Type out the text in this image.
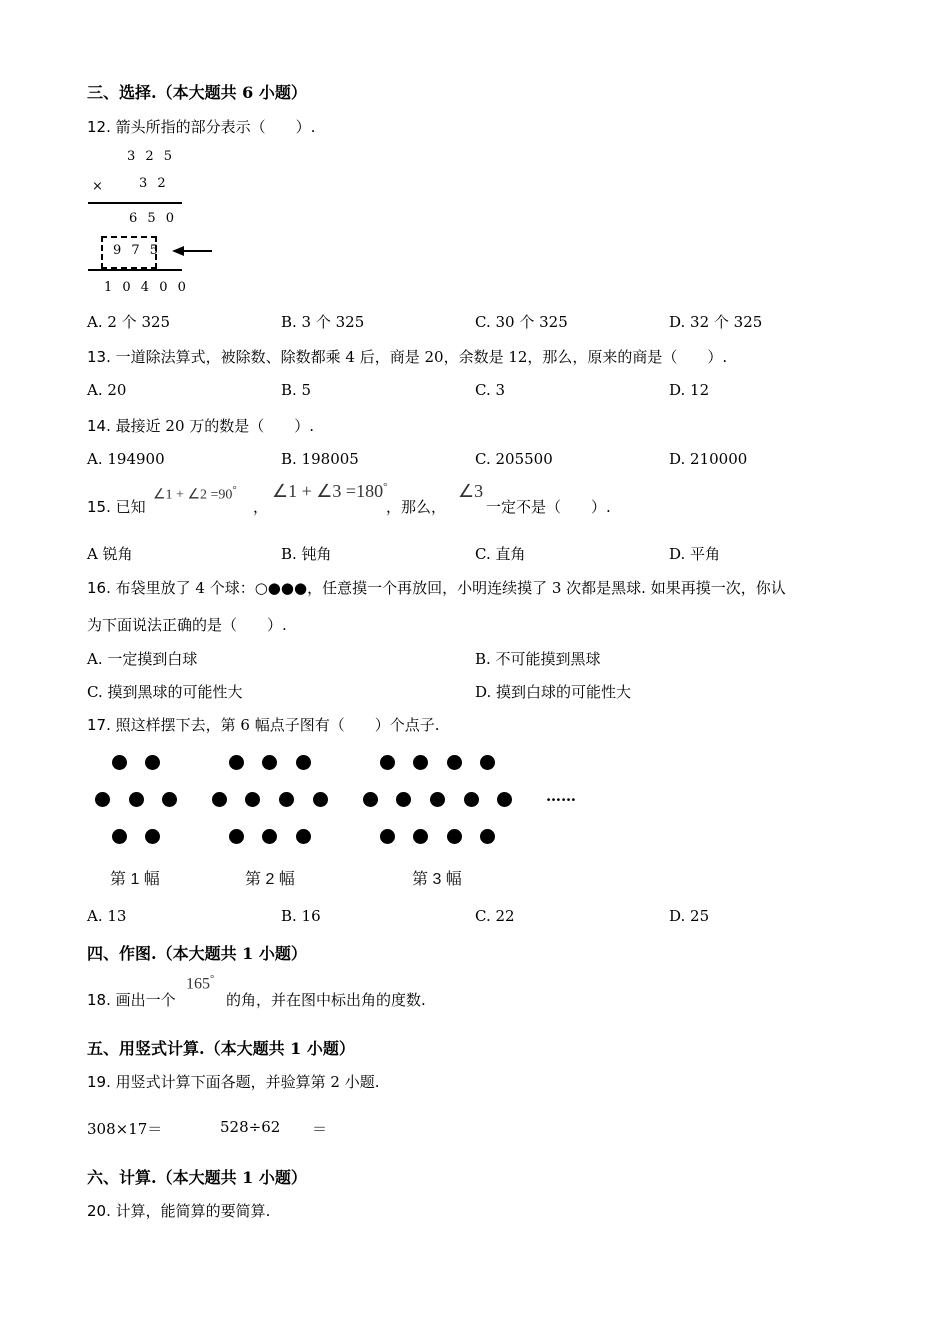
三、选择.（本大题共 6 小题）
12. 箭头所指的部分表示（　　）.
3 2 5
×	3 2
6 5 0
9 7 5
1 0 4 0 0
A. 2 个 325	B. 3 个 325	C. 30 个 325	D. 32 个 325
13. 一道除法算式，被除数、除数都乘 4 后，商是 20，余数是 12，那么，原来的商是（　　）.
A. 20	B. 5	C. 3	D. 12
14. 最接近 20 万的数是（　　）.
A. 194900	B. 198005	C. 205500	D. 210000
15. 已知
∠1 + ∠2 =90°
，
∠1 + ∠3 =180°
，那么，
∠3
一定不是（　　）.
A 锐角	B. 钝角	C. 直角	D. 平角
16. 布袋里放了 4 个球：○●●●，任意摸一个再放回，小明连续摸了 3 次都是黑球. 如果再摸一次，你认
为下面说法正确的是（　　）.
A. 一定摸到白球	B. 不可能摸到黑球
C. 摸到黑球的可能性大	D. 摸到白球的可能性大
17. 照这样摆下去，第 6 幅点子图有（　　）个点子.
……
第 1 幅	第 2 幅	第 3 幅
A. 13	B. 16	C. 22	D. 25
四、作图.（本大题共 1 小题）
18. 画出一个
165°
的角，并在图中标出角的度数.
五、用竖式计算.（本大题共 1 小题）
19. 用竖式计算下面各题，并验算第 2 小题.
308×17＝	528÷62 ＝
六、计算.（本大题共 1 小题）
20. 计算，能简算的要简算.
